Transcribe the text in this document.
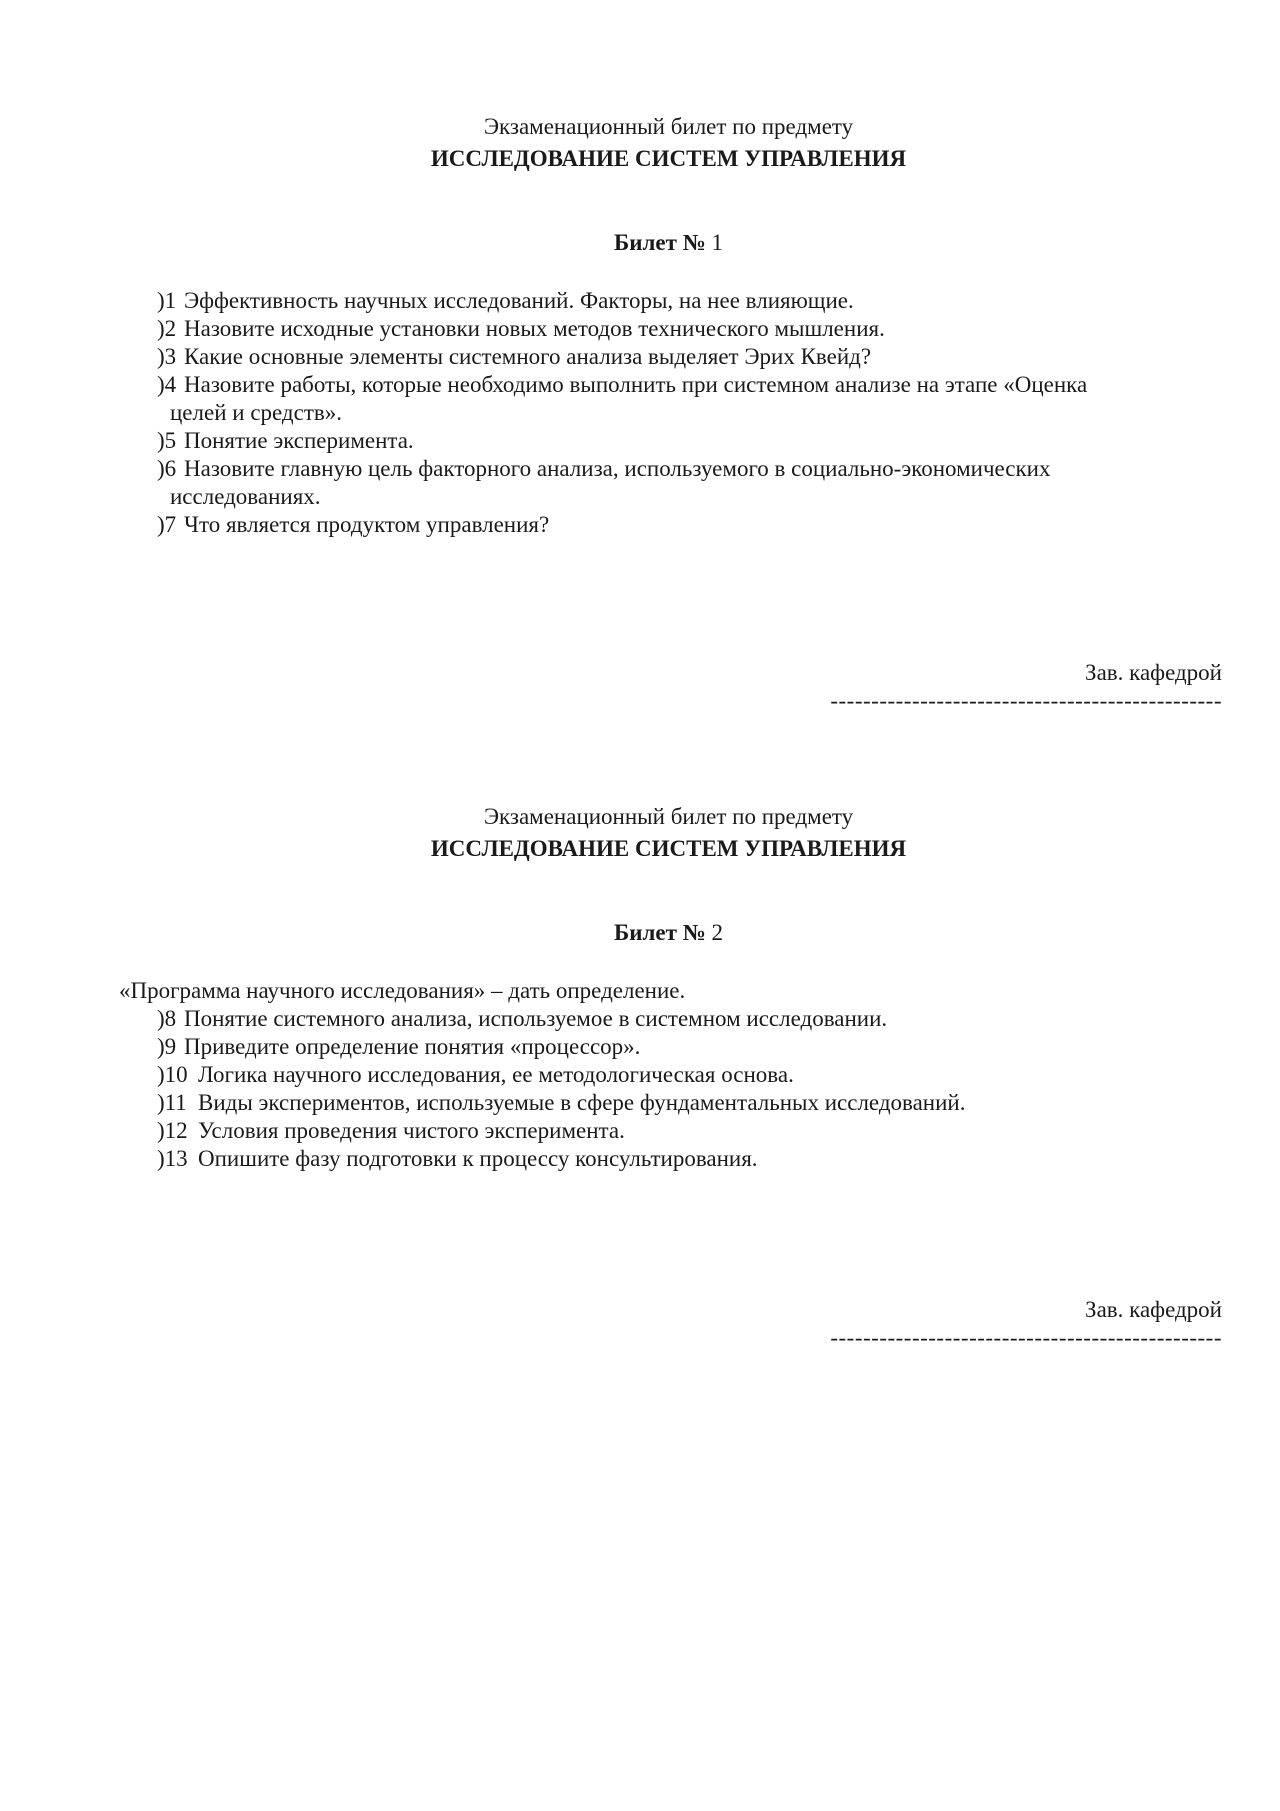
Экзаменационный билет по предмету
ИССЛЕДОВАНИЕ СИСТЕМ УПРАВЛЕНИЯ
Билет № 1
)1 Эффективность научных исследований. Факторы, на нее влияющие.
)2 Назовите исходные установки новых методов технического мышления.
)3 Какие основные элементы системного анализа выделяет Эрих Квейд?
)4 Назовите работы, которые необходимо выполнить при системном анализе на этапе «Оценка
целей и средств».
)5 Понятие эксперимента.
)6 Назовите главную цель факторного анализа, используемого в социально-экономических
исследованиях.
)7 Что является продуктом управления?
Зав. кафедрой
------------------------------------------------
Экзаменационный билет по предмету
ИССЛЕДОВАНИЕ СИСТЕМ УПРАВЛЕНИЯ
Билет № 2

«Программа научного исследования» – дать определение.

)8 Понятие системного анализа, используемое в системном исследовании.
)9 Приведите определение понятия «процессор».
)10 Логика научного исследования, ее методологическая основа.
)11 Виды экспериментов, используемые в сфере фундаментальных исследований.
)12 Условия проведения чистого эксперимента.
)13 Опишите фазу подготовки к процессу консультирования.
Зав. кафедрой
------------------------------------------------
